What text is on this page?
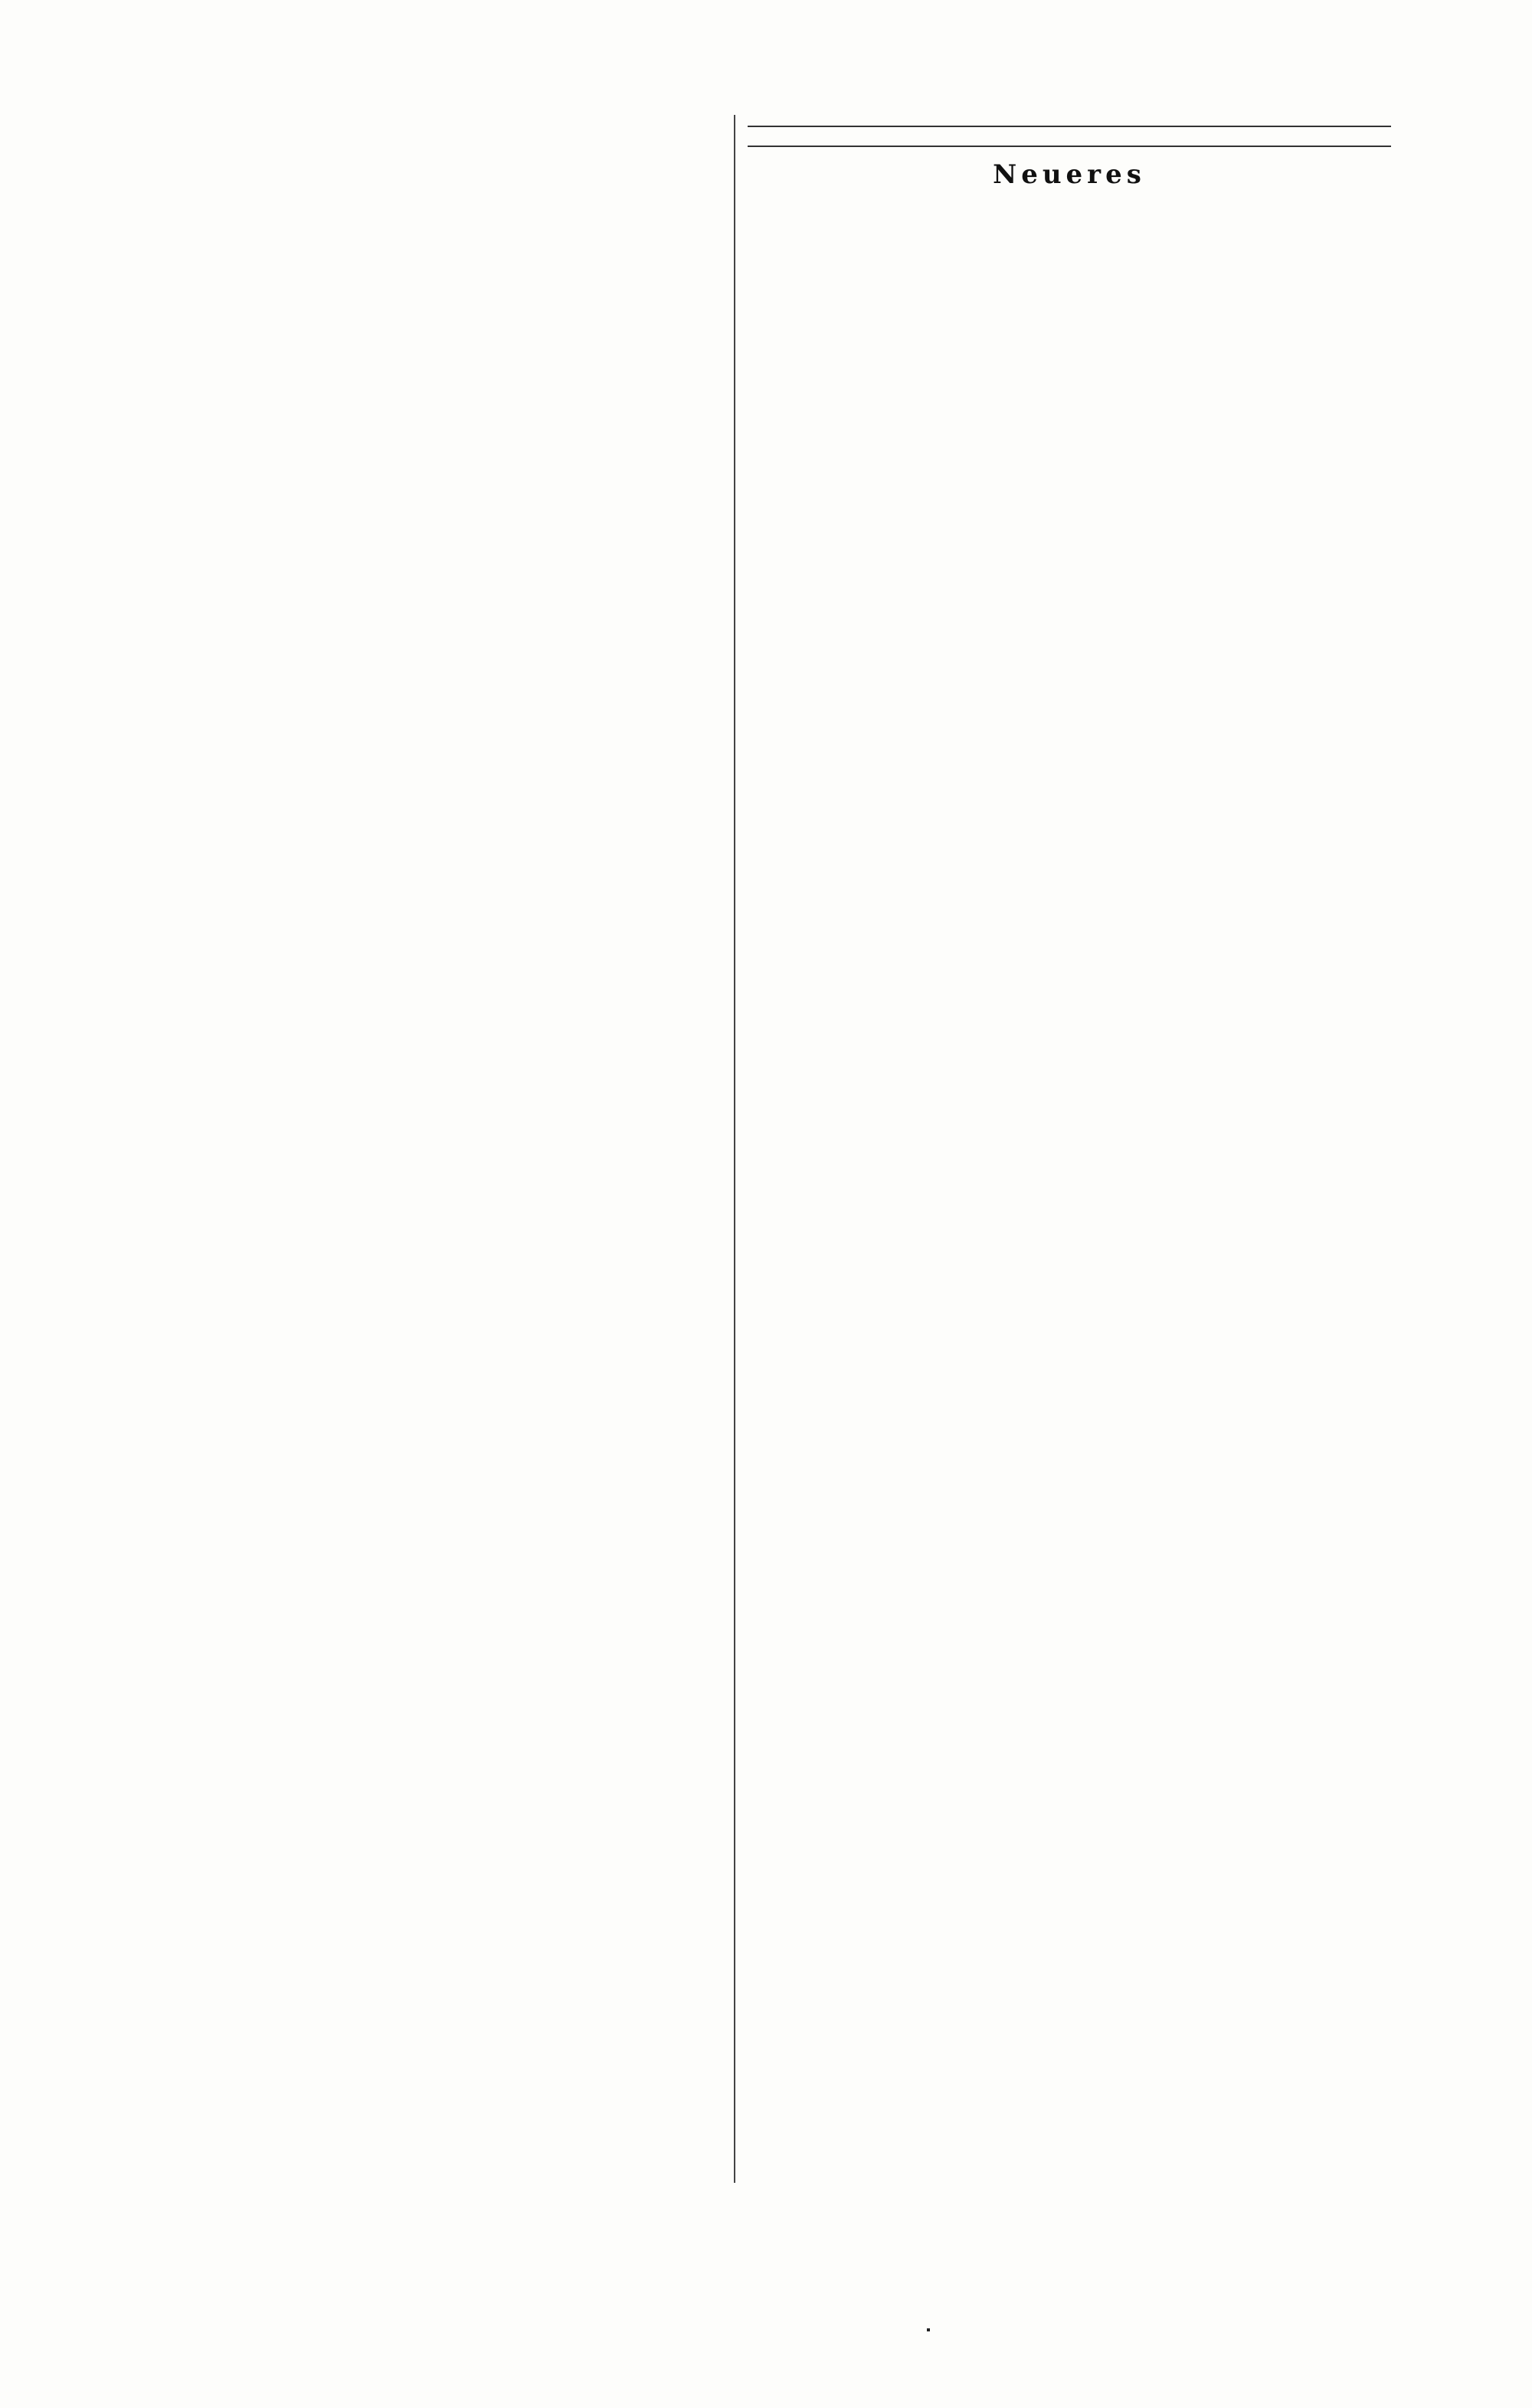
Neueres
